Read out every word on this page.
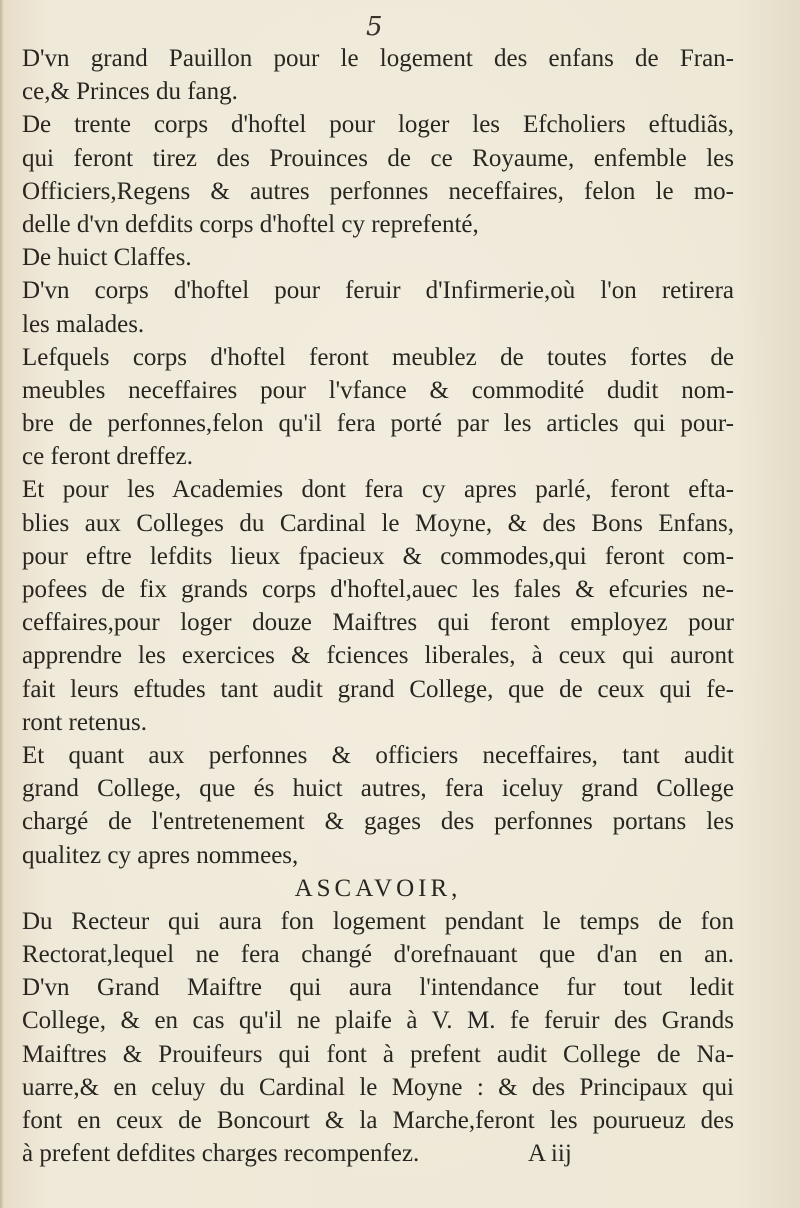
5
D'vn grand Pauillon pour le logement des enfans de Fran-
ce,& Princes du fang.
De trente corps d'hoftel pour loger les Efcholiers eftudiãs,
qui feront tirez des Prouinces de ce Royaume, enfemble les
Officiers,Regens & autres perfonnes neceffaires, felon le mo-
delle d'vn defdits corps d'hoftel cy reprefenté,
De huict Claffes.
D'vn corps d'hoftel pour feruir d'Infirmerie,où l'on retirera
les malades.
Lefquels corps d'hoftel feront meublez de toutes fortes de
meubles neceffaires pour l'vfance & commodité dudit nom-
bre de perfonnes,felon qu'il fera porté par les articles qui pour-
ce feront dreffez.
Et pour les Academies dont fera cy apres parlé, feront efta-
blies aux Colleges du Cardinal le Moyne, & des Bons Enfans,
pour eftre lefdits lieux fpacieux & commodes,qui feront com-
pofees de fix grands corps d'hoftel,auec les fales & efcuries ne-
ceffaires,pour loger douze Maiftres qui feront employez pour
apprendre les exercices & fciences liberales, à ceux qui auront
fait leurs eftudes tant audit grand College, que de ceux qui fe-
ront retenus.
Et quant aux perfonnes & officiers neceffaires, tant audit
grand College, que és huict autres, fera iceluy grand College
chargé de l'entretenement & gages des perfonnes portans les
qualitez cy apres nommees,
ASCAVOIR,
Du Recteur qui aura fon logement pendant le temps de fon
Rectorat,lequel ne fera changé d'orefnauant que d'an en an.
D'vn Grand Maiftre qui aura l'intendance fur tout ledit
College, & en cas qu'il ne plaife à V. M. fe feruir des Grands
Maiftres & Prouifeurs qui font à prefent audit College de Na-
uarre,& en celuy du Cardinal le Moyne : & des Principaux qui
font en ceux de Boncourt & la Marche,feront les pourueuz des
à prefent defdites charges recompenfez.	A iij
